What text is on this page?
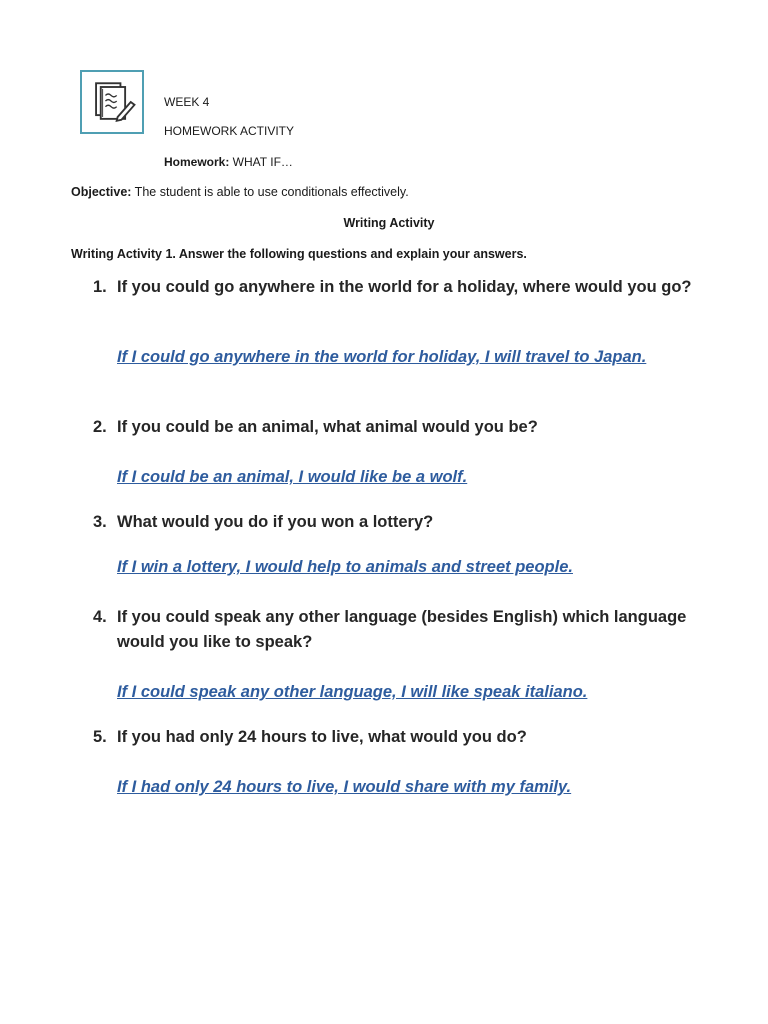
WEEK 4
HOMEWORK ACTIVITY
Homework: WHAT IF…
Objective: The student is able to use conditionals effectively.
Writing Activity
Writing Activity 1. Answer the following questions and explain your answers.
1. If you could go anywhere in the world for a holiday, where would you go?
If I could go anywhere in the world for holiday, I will travel to Japan.
2. If you could be an animal, what animal would you be?
If I could be an animal, I would like be a wolf.
3. What would you do if you won a lottery?
If I win a lottery, I would help to animals and street people.
4. If you could speak any other language (besides English) which language would you like to speak?
If I could speak any other language, I will like speak italiano.
5. If you had only 24 hours to live, what would you do?
If I had only 24 hours to live, I would share with my family.
